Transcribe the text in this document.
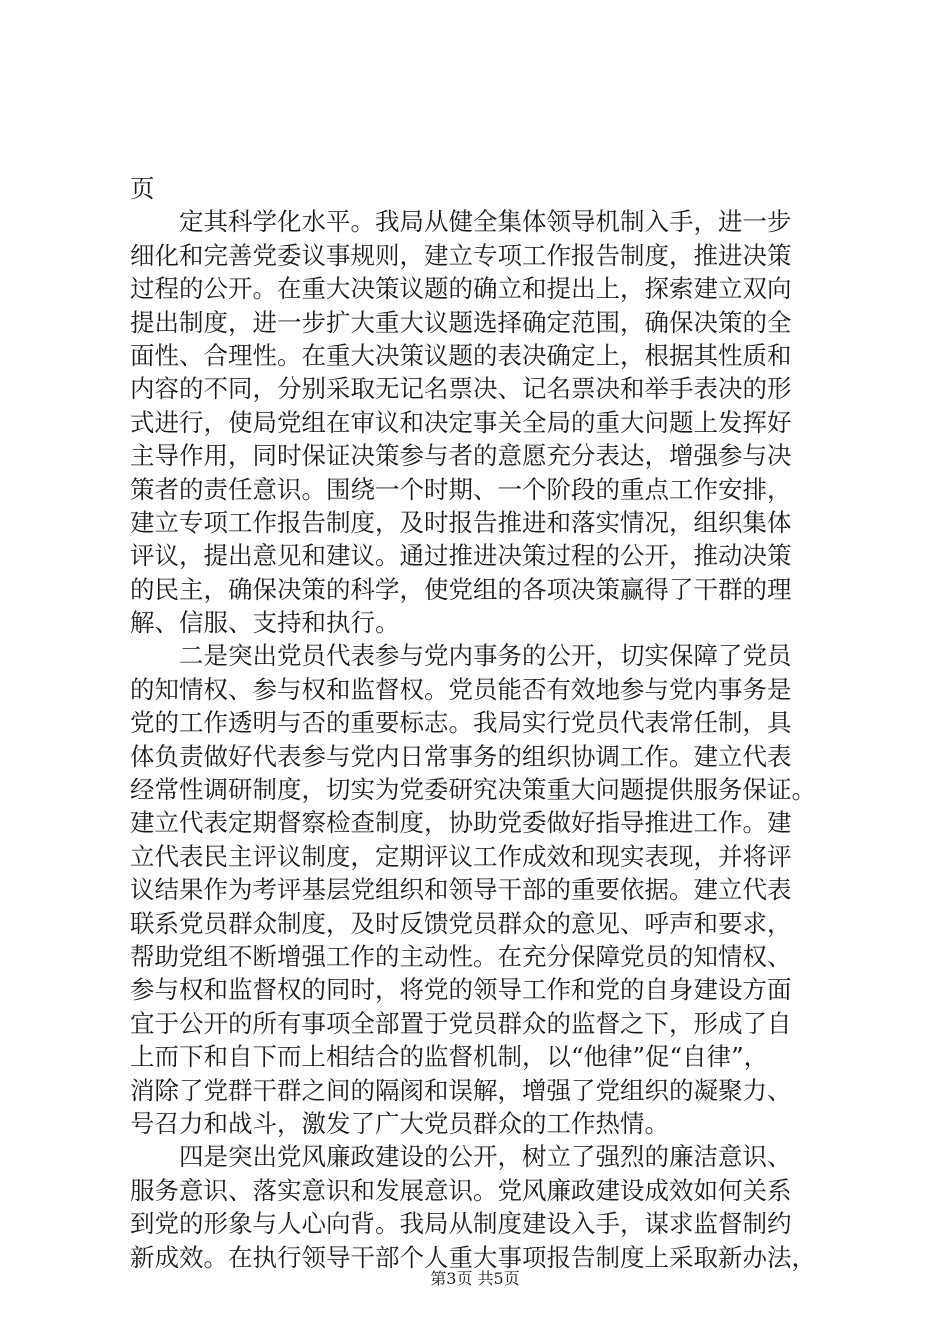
页
定其科学化水平。我局从健全集体领导机制入手，进一步
细化和完善党委议事规则，建立专项工作报告制度，推进决策
过程的公开。在重大决策议题的确立和提出上，探索建立双向
提出制度，进一步扩大重大议题选择确定范围，确保决策的全
面性、合理性。在重大决策议题的表决确定上，根据其性质和
内容的不同，分别采取无记名票决、记名票决和举手表决的形
式进行，使局党组在审议和决定事关全局的重大问题上发挥好
主导作用，同时保证决策参与者的意愿充分表达，增强参与决
策者的责任意识。围绕一个时期、一个阶段的重点工作安排，
建立专项工作报告制度，及时报告推进和落实情况，组织集体
评议，提出意见和建议。通过推进决策过程的公开，推动决策
的民主，确保决策的科学，使党组的各项决策赢得了干群的理
解、信服、支持和执行。
二是突出党员代表参与党内事务的公开，切实保障了党员
的知情权、参与权和监督权。党员能否有效地参与党内事务是
党的工作透明与否的重要标志。我局实行党员代表常任制，具
体负责做好代表参与党内日常事务的组织协调工作。建立代表
经常性调研制度，切实为党委研究决策重大问题提供服务保证。
建立代表定期督察检查制度，协助党委做好指导推进工作。建
立代表民主评议制度，定期评议工作成效和现实表现，并将评
议结果作为考评基层党组织和领导干部的重要依据。建立代表
联系党员群众制度，及时反馈党员群众的意见、呼声和要求，
帮助党组不断增强工作的主动性。在充分保障党员的知情权、
参与权和监督权的同时，将党的领导工作和党的自身建设方面
宜于公开的所有事项全部置于党员群众的监督之下，形成了自
上而下和自下而上相结合的监督机制，以“他律”促“自律”，
消除了党群干群之间的隔阂和误解，增强了党组织的凝聚力、
号召力和战斗，激发了广大党员群众的工作热情。
四是突出党风廉政建设的公开，树立了强烈的廉洁意识、
服务意识、落实意识和发展意识。党风廉政建设成效如何关系
到党的形象与人心向背。我局从制度建设入手，谋求监督制约
新成效。在执行领导干部个人重大事项报告制度上采取新办法，
第3页 共5页
